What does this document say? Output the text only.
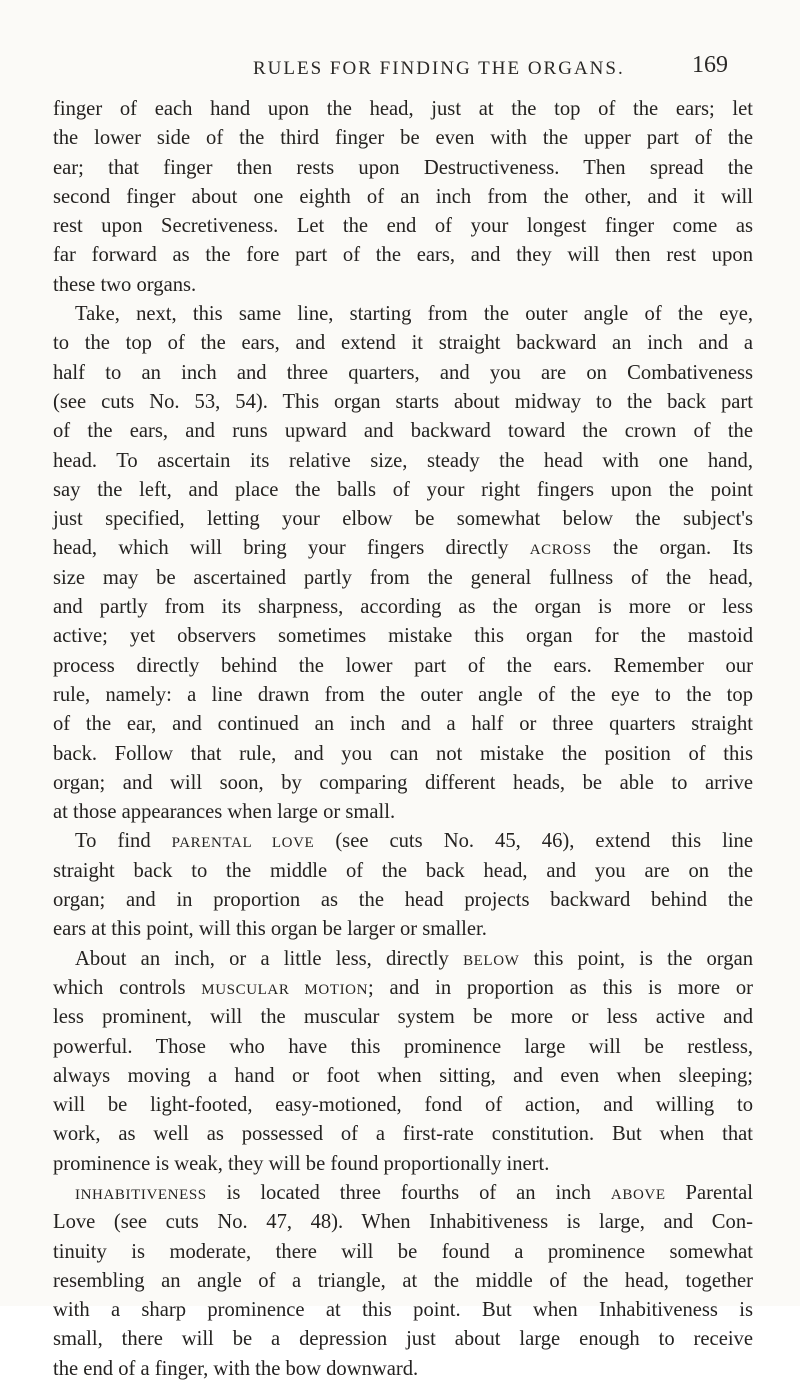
RULES FOR FINDING THE ORGANS.	169
finger of each hand upon the head, just at the top of the ears; let
the lower side of the third finger be even with the upper part of the
ear; that finger then rests upon Destructiveness. Then spread the
second finger about one eighth of an inch from the other, and it will
rest upon Secretiveness. Let the end of your longest finger come as
far forward as the fore part of the ears, and they will then rest upon
these two organs.
Take, next, this same line, starting from the outer angle of the eye,
to the top of the ears, and extend it straight backward an inch and a
half to an inch and three quarters, and you are on Combativeness
(see cuts No. 53, 54). This organ starts about midway to the back part
of the ears, and runs upward and backward toward the crown of the
head. To ascertain its relative size, steady the head with one hand,
say the left, and place the balls of your right fingers upon the point
just specified, letting your elbow be somewhat below the subject's
head, which will bring your fingers directly ACROSS the organ. Its
size may be ascertained partly from the general fullness of the head,
and partly from its sharpness, according as the organ is more or less
active; yet observers sometimes mistake this organ for the mastoid
process directly behind the lower part of the ears. Remember our
rule, namely: a line drawn from the outer angle of the eye to the top
of the ear, and continued an inch and a half or three quarters straight
back. Follow that rule, and you can not mistake the position of this
organ; and will soon, by comparing different heads, be able to arrive
at those appearances when large or small.
To find PARENTAL LOVE (see cuts No. 45, 46), extend this line
straight back to the middle of the back head, and you are on the
organ; and in proportion as the head projects backward behind the
ears at this point, will this organ be larger or smaller.
About an inch, or a little less, directly BELOW this point, is the organ
which controls MUSCULAR MOTION; and in proportion as this is more or
less prominent, will the muscular system be more or less active and
powerful. Those who have this prominence large will be restless,
always moving a hand or foot when sitting, and even when sleeping;
will be light-footed, easy-motioned, fond of action, and willing to
work, as well as possessed of a first-rate constitution. But when that
prominence is weak, they will be found proportionally inert.
INHABITIVENESS is located three fourths of an inch ABOVE Parental
Love (see cuts No. 47, 48). When Inhabitiveness is large, and Con-
tinuity is moderate, there will be found a prominence somewhat
resembling an angle of a triangle, at the middle of the head, together
with a sharp prominence at this point. But when Inhabitiveness is
small, there will be a depression just about large enough to receive
the end of a finger, with the bow downward.
